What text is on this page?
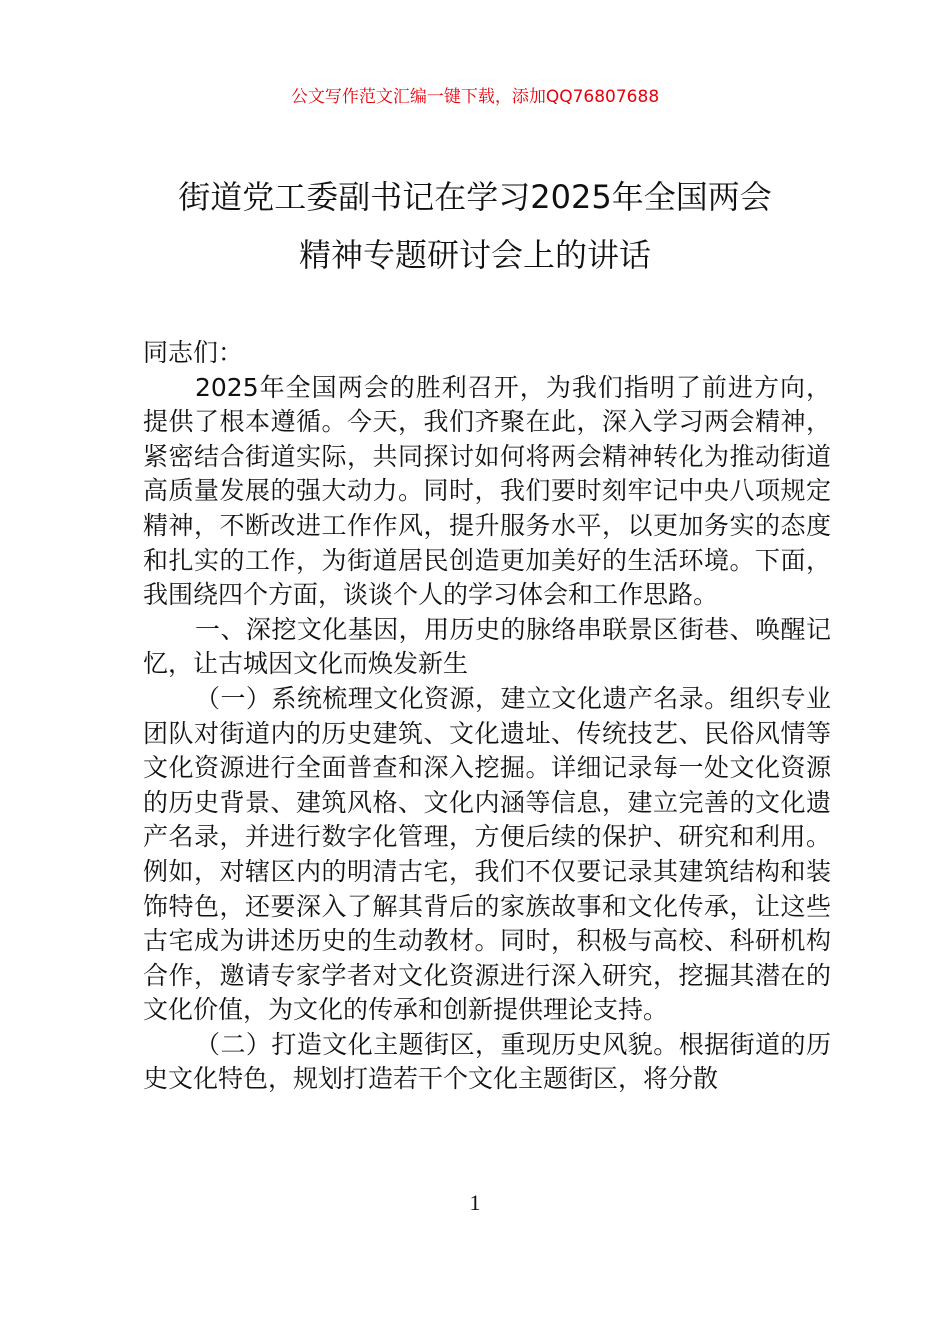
公文写作范文汇编一键下载，添加QQ76807688
街道党工委副书记在学习2025年全国两会
精神专题研讨会上的讲话

同志们：

2025年全国两会的胜利召开，为我们指明了前进方向，提供了根本遵循。今天，我们齐聚在此，深入学习两会精神，紧密结合街道实际，共同探讨如何将两会精神转化为推动街道高质量发展的强大动力。同时，我们要时刻牢记中央八项规定精神，不断改进工作作风，提升服务水平，以更加务实的态度和扎实的工作，为街道居民创造更加美好的生活环境。下面，我围绕四个方面，谈谈个人的学习体会和工作思路。

一、深挖文化基因，用历史的脉络串联景区街巷、唤醒记忆，让古城因文化而焕发新生

（一）系统梳理文化资源，建立文化遗产名录。组织专业团队对街道内的历史建筑、文化遗址、传统技艺、民俗风情等文化资源进行全面普查和深入挖掘。详细记录每一处文化资源的历史背景、建筑风格、文化内涵等信息，建立完善的文化遗产名录，并进行数字化管理，方便后续的保护、研究和利用。例如，对辖区内的明清古宅，我们不仅要记录其建筑结构和装饰特色，还要深入了解其背后的家族故事和文化传承，让这些古宅成为讲述历史的生动教材。同时，积极与高校、科研机构合作，邀请专家学者对文化资源进行深入研究，挖掘其潜在的文化价值，为文化的传承和创新提供理论支持。

（二）打造文化主题街区，重现历史风貌。根据街道的历史文化特色，规划打造若干个文化主题街区，将分散

1
